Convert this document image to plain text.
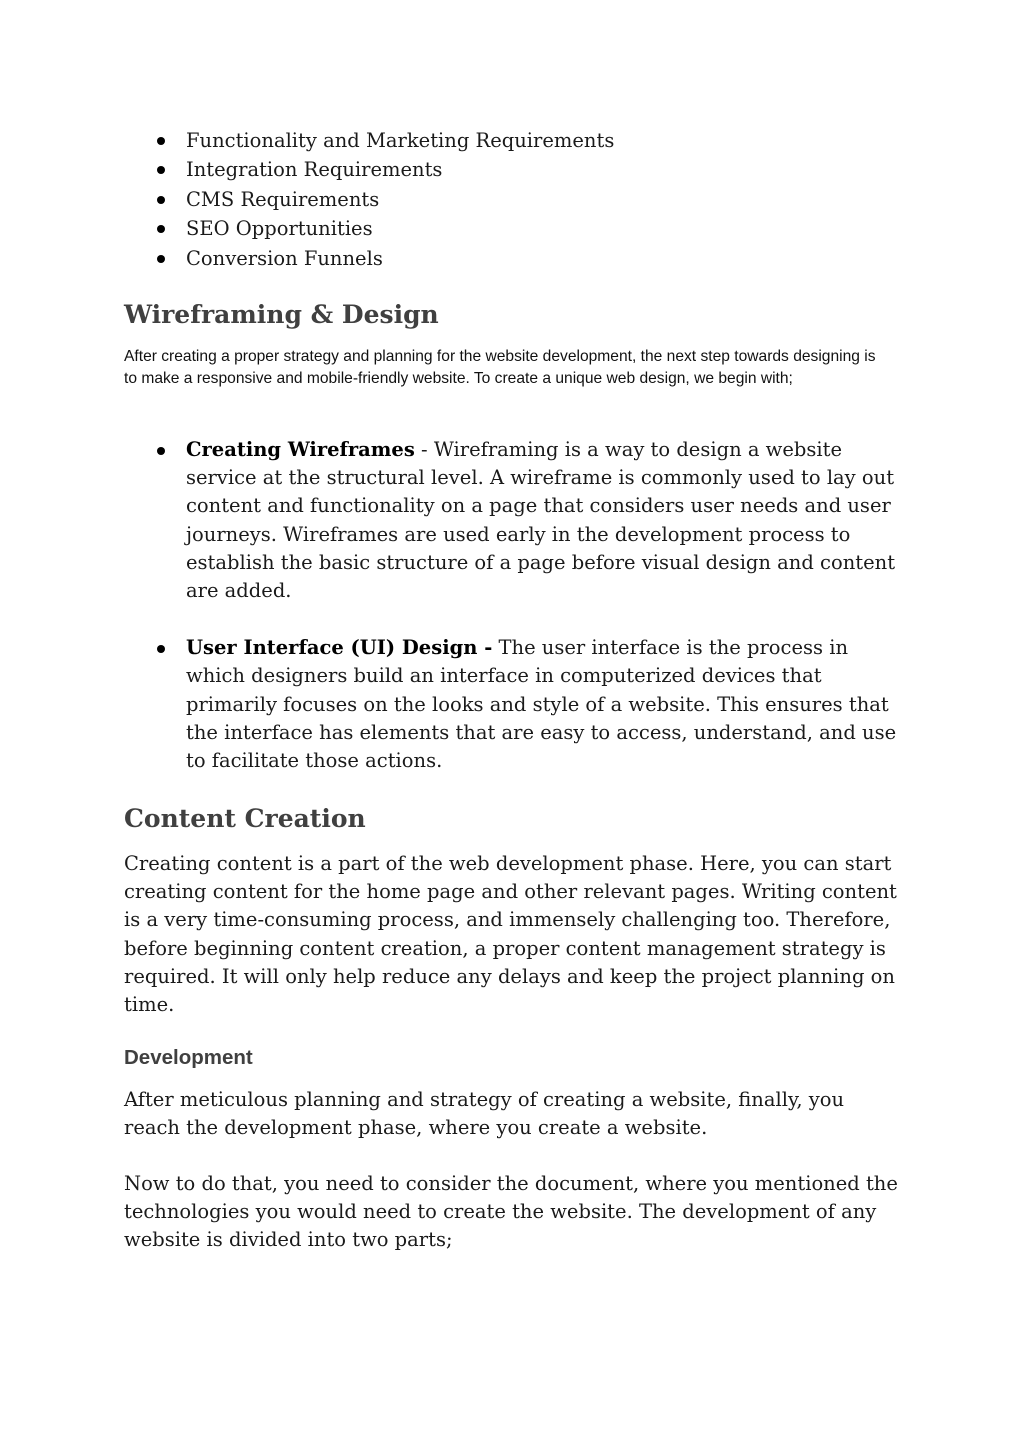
Functionality and Marketing Requirements
Integration Requirements
CMS Requirements
SEO Opportunities
Conversion Funnels
Wireframing & Design

After creating a proper strategy and planning for the website development, the next step towards designing is to make a responsive and mobile-friendly website. To create a unique web design, we begin with;

Creating Wireframes - Wireframing is a way to design a website service at the structural level. A wireframe is commonly used to lay out content and functionality on a page that considers user needs and user journeys. Wireframes are used early in the development process to establish the basic structure of a page before visual design and content are added.
User Interface (UI) Design - The user interface is the process in which designers build an interface in computerized devices that primarily focuses on the looks and style of a website. This ensures that the interface has elements that are easy to access, understand, and use to facilitate those actions.
Content Creation

Creating content is a part of the web development phase. Here, you can start creating content for the home page and other relevant pages. Writing content is a very time-consuming process, and immensely challenging too. Therefore, before beginning content creation, a proper content management strategy is required. It will only help reduce any delays and keep the project planning on time.

Development

After meticulous planning and strategy of creating a website, finally, you reach the development phase, where you create a website.

Now to do that, you need to consider the document, where you mentioned the technologies you would need to create the website. The development of any website is divided into two parts;
